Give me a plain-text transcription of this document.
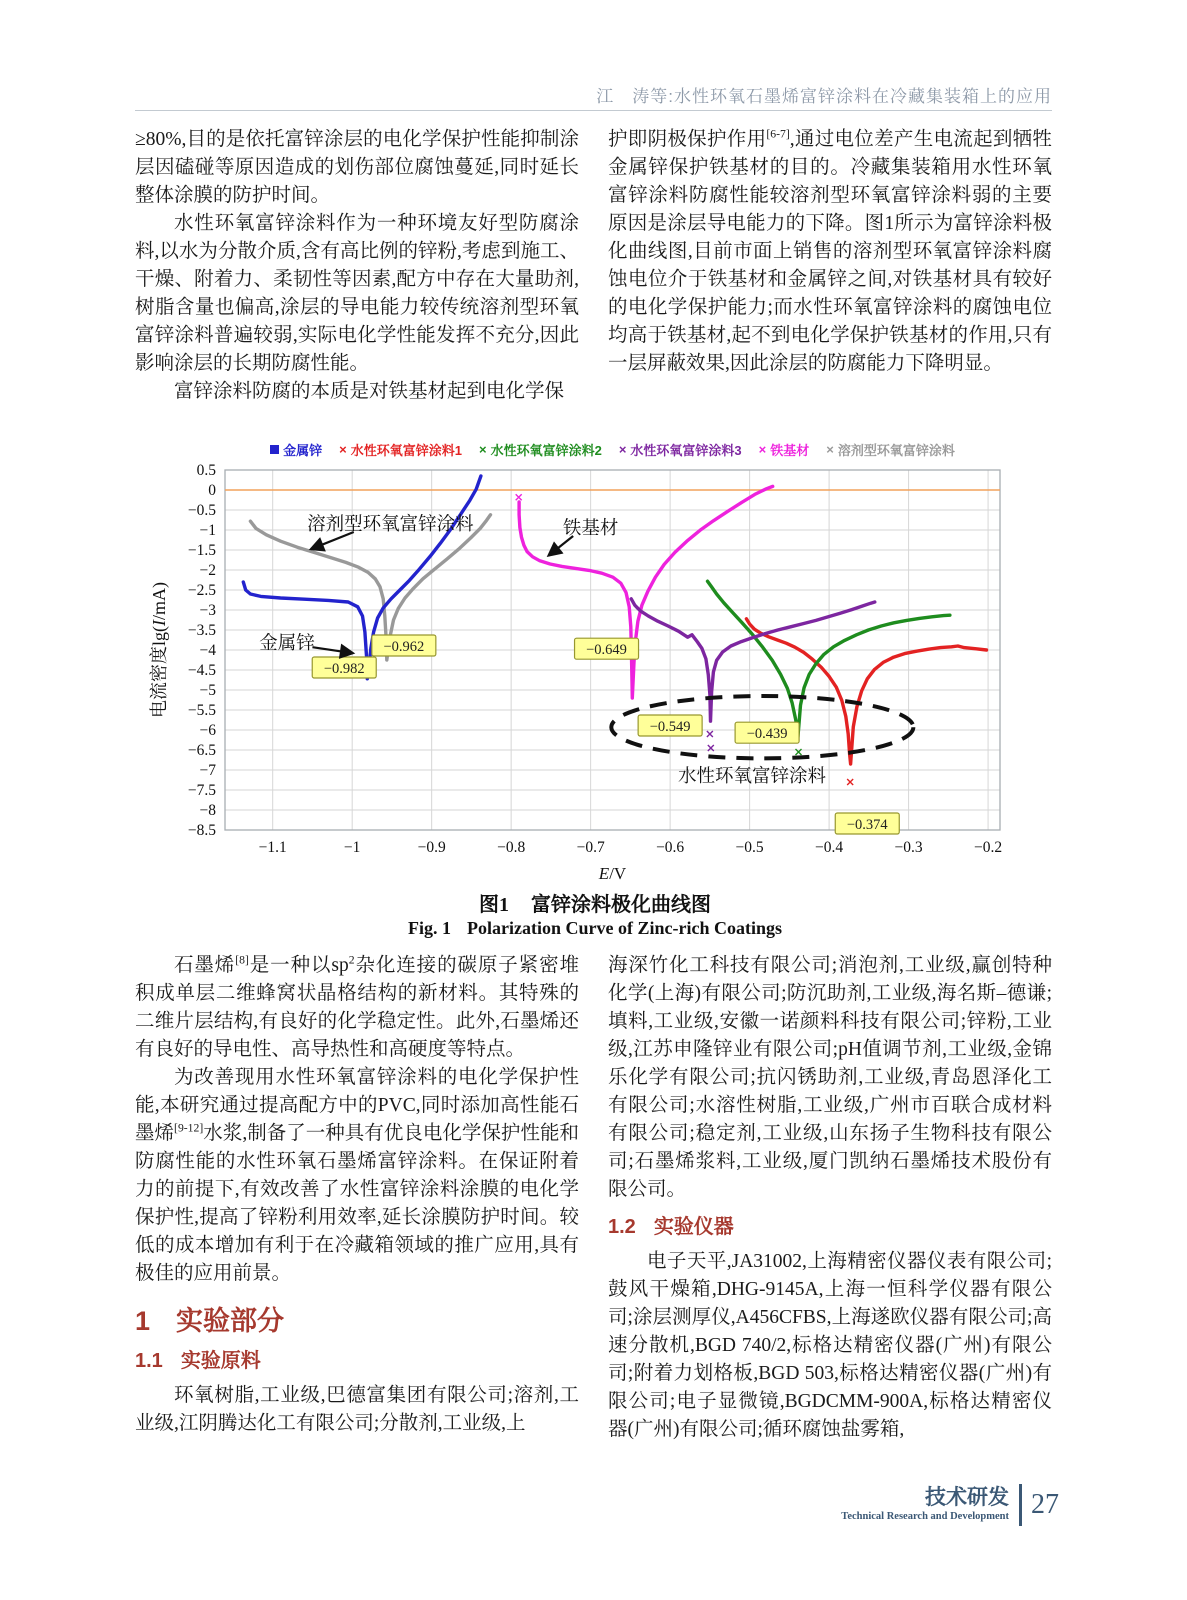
江　涛等:水性环氧石墨烯富锌涂料在冷藏集装箱上的应用

≥80%,目的是依托富锌涂层的电化学保护性能抑制涂层因磕碰等原因造成的划伤部位腐蚀蔓延,同时延长整体涂膜的防护时间。

水性环氧富锌涂料作为一种环境友好型防腐涂料,以水为分散介质,含有高比例的锌粉,考虑到施工、干燥、附着力、柔韧性等因素,配方中存在大量助剂,树脂含量也偏高,涂层的导电能力较传统溶剂型环氧富锌涂料普遍较弱,实际电化学性能发挥不充分,因此影响涂层的长期防腐性能。

富锌涂料防腐的本质是对铁基材起到电化学保

护即阴极保护作用[6-7],通过电位差产生电流起到牺牲金属锌保护铁基材的目的。冷藏集装箱用水性环氧富锌涂料防腐性能较溶剂型环氧富锌涂料弱的主要原因是涂层导电能力的下降。图1所示为富锌涂料极化曲线图,目前市面上销售的溶剂型环氧富锌涂料腐蚀电位介于铁基材和金属锌之间,对铁基材具有较好的电化学保护能力;而水性环氧富锌涂料的腐蚀电位均高于铁基材,起不到电化学保护铁基材的作用,只有一层屏蔽效果,因此涂层的防腐能力下降明显。

−1.1	−1	−0.9	−0.8	−0.7	−0.6	−0.5	−0.4	−0.3	−0.2
0.5
0
−0.5
−1
−1.5
−2
−2.5
−3
−3.5
−4
−4.5
−5
−5.5
−6
−6.5
−7
−7.5
−8
−8.5
−0.982
−0.962	−0.649
−0.549	−0.439
−0.374
溶剂型环氧富锌涂料
金属锌
铁基材
水性环氧富锌涂料
E/V
电流密度lg(I/mA)
金属锌 × 水性环氧富锌涂料1 × 水性环氧富锌涂料2 × 水性环氧富锌涂料3 × 铁基材 × 溶剂型环氧富锌涂料
图1 富锌涂料极化曲线图
Fig. 1 Polarization Curve of Zinc-rich Coatings

石墨烯[8]是一种以$sp^2$杂化连接的碳原子紧密堆积成单层二维蜂窝状晶格结构的新材料。其特殊的二维片层结构,有良好的化学稳定性。此外,石墨烯还有良好的导电性、高导热性和高硬度等特点。

为改善现用水性环氧富锌涂料的电化学保护性能,本研究通过提高配方中的PVC,同时添加高性能石墨烯[9-12]水浆,制备了一种具有优良电化学保护性能和防腐性能的水性环氧石墨烯富锌涂料。在保证附着力的前提下,有效改善了水性富锌涂料涂膜的电化学保护性,提高了锌粉利用效率,延长涂膜防护时间。较低的成本增加有利于在冷藏箱领域的推广应用,具有极佳的应用前景。

1 实验部分
1.1 实验原料

环氧树脂,工业级,巴德富集团有限公司;溶剂,工业级,江阴腾达化工有限公司;分散剂,工业级,上

海深竹化工科技有限公司;消泡剂,工业级,赢创特种化学(上海)有限公司;防沉助剂,工业级,海名斯–德谦;填料,工业级,安徽一诺颜料科技有限公司;锌粉,工业级,江苏申隆锌业有限公司;pH值调节剂,工业级,金锦乐化学有限公司;抗闪锈助剂,工业级,青岛恩泽化工有限公司;水溶性树脂,工业级,广州市百联合成材料有限公司;稳定剂,工业级,山东扬子生物科技有限公司;石墨烯浆料,工业级,厦门凯纳石墨烯技术股份有限公司。

1.2 实验仪器

电子天平,JA31002,上海精密仪器仪表有限公司;鼓风干燥箱,DHG-9145A,上海一恒科学仪器有限公司;涂层测厚仪,A456CFBS,上海遂欧仪器有限公司;高速分散机,BGD 740/2,标格达精密仪器(广州)有限公司;附着力划格板,BGD 503,标格达精密仪器(广州)有限公司;电子显微镜,BGDCMM-900A,标格达精密仪器(广州)有限公司;循环腐蚀盐雾箱,

技术研发
Technical Research and Development 27
